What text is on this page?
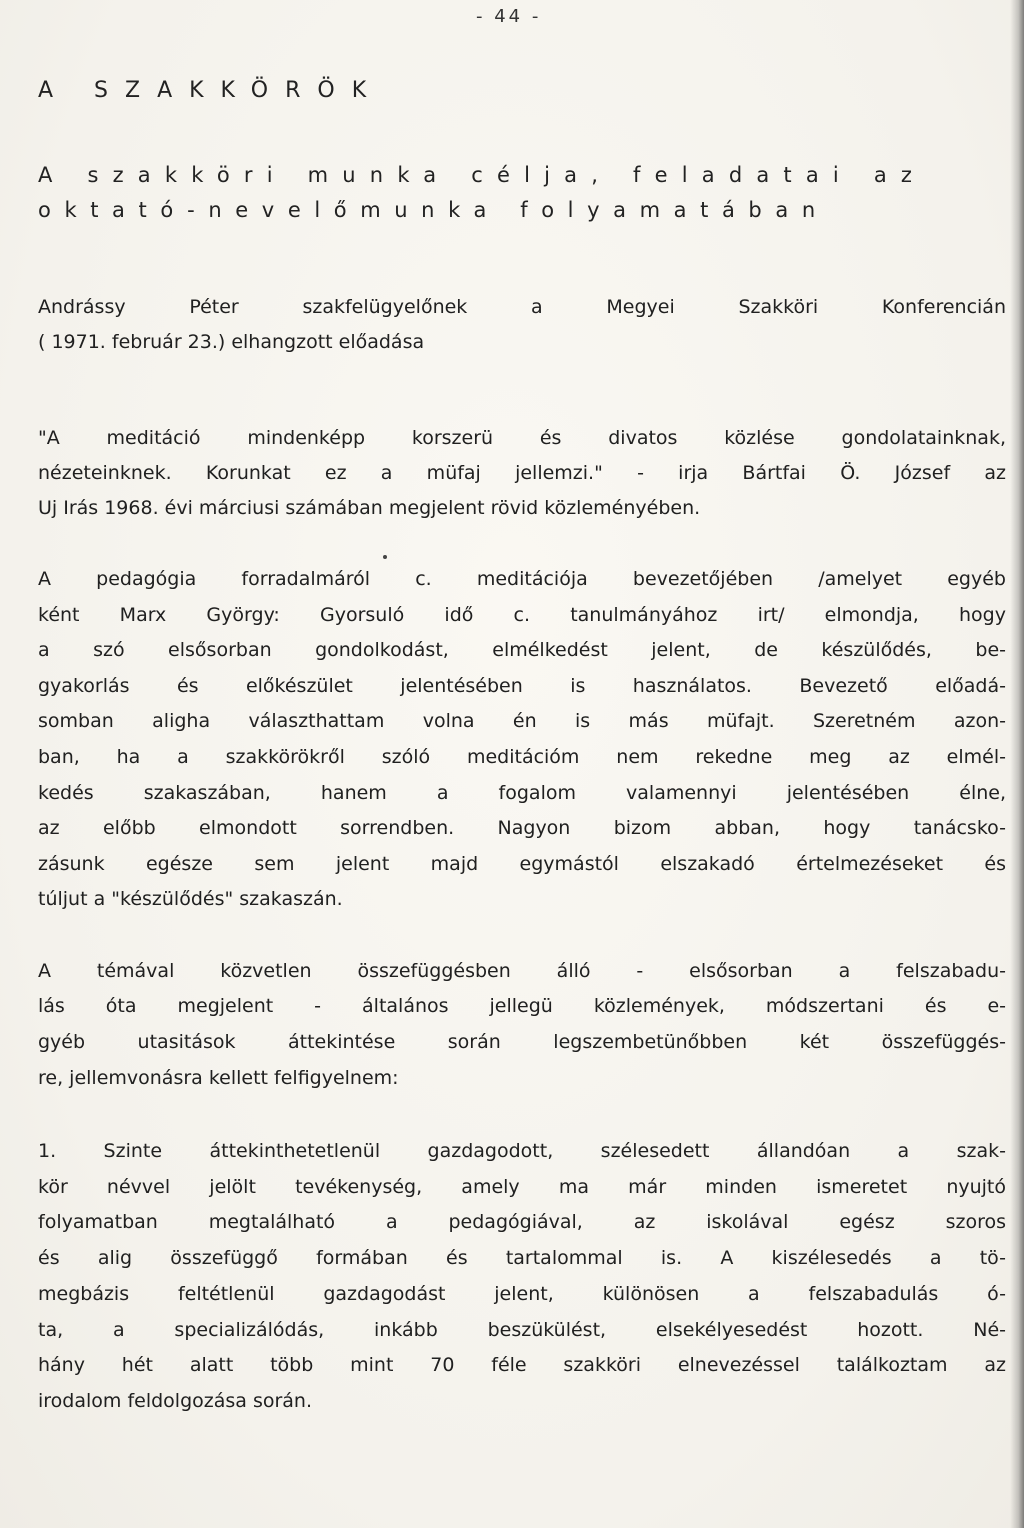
- 44 -
A SZAKKÖRÖK
A szakköri munka célja, feladatai az
oktató-nevelőmunka folyamatában
Andrássy Péter szakfelügyelőnek a Megyei Szakköri Konferencián
( 1971. február 23.) elhangzott előadása
"A meditáció mindenképp korszerü és divatos közlése gondolatainknak,
nézeteinknek. Korunkat ez a müfaj jellemzi." - irja Bártfai Ö. József az
Uj Irás 1968. évi márciusi számában megjelent rövid közleményében.
A pedagógia forradalmáról c. meditációja bevezetőjében /amelyet egyéb
ként Marx György: Gyorsuló idő c. tanulmányához irt/ elmondja, hogy
a szó elsősorban gondolkodást, elmélkedést jelent, de készülődés, be-
gyakorlás és előkészület jelentésében is használatos. Bevezető előadá-
somban aligha választhattam volna én is más müfajt. Szeretném azon-
ban, ha a szakkörökről szóló meditációm nem rekedne meg az elmél-
kedés szakaszában, hanem a fogalom valamennyi jelentésében élne,
az előbb elmondott sorrendben. Nagyon bizom abban, hogy tanácsko-
zásunk egésze sem jelent majd egymástól elszakadó értelmezéseket és
túljut a "készülődés" szakaszán.
A témával közvetlen összefüggésben álló - elsősorban a felszabadu-
lás óta megjelent - általános jellegü közlemények, módszertani és e-
gyéb utasitások áttekintése során legszembetünőbben két összefüggés-
re, jellemvonásra kellett felfigyelnem:
1. Szinte áttekinthetetlenül gazdagodott, szélesedett állandóan a szak-
kör névvel jelölt tevékenység, amely ma már minden ismeretet nyujtó
folyamatban megtalálható a pedagógiával, az iskolával egész szoros
és alig összefüggő formában és tartalommal is. A kiszélesedés a tö-
megbázis feltétlenül gazdagodást jelent, különösen a felszabadulás ó-
ta, a specializálódás, inkább beszükülést, elsekélyesedést hozott. Né-
hány hét alatt több mint 70 féle szakköri elnevezéssel találkoztam az
irodalom feldolgozása során.
